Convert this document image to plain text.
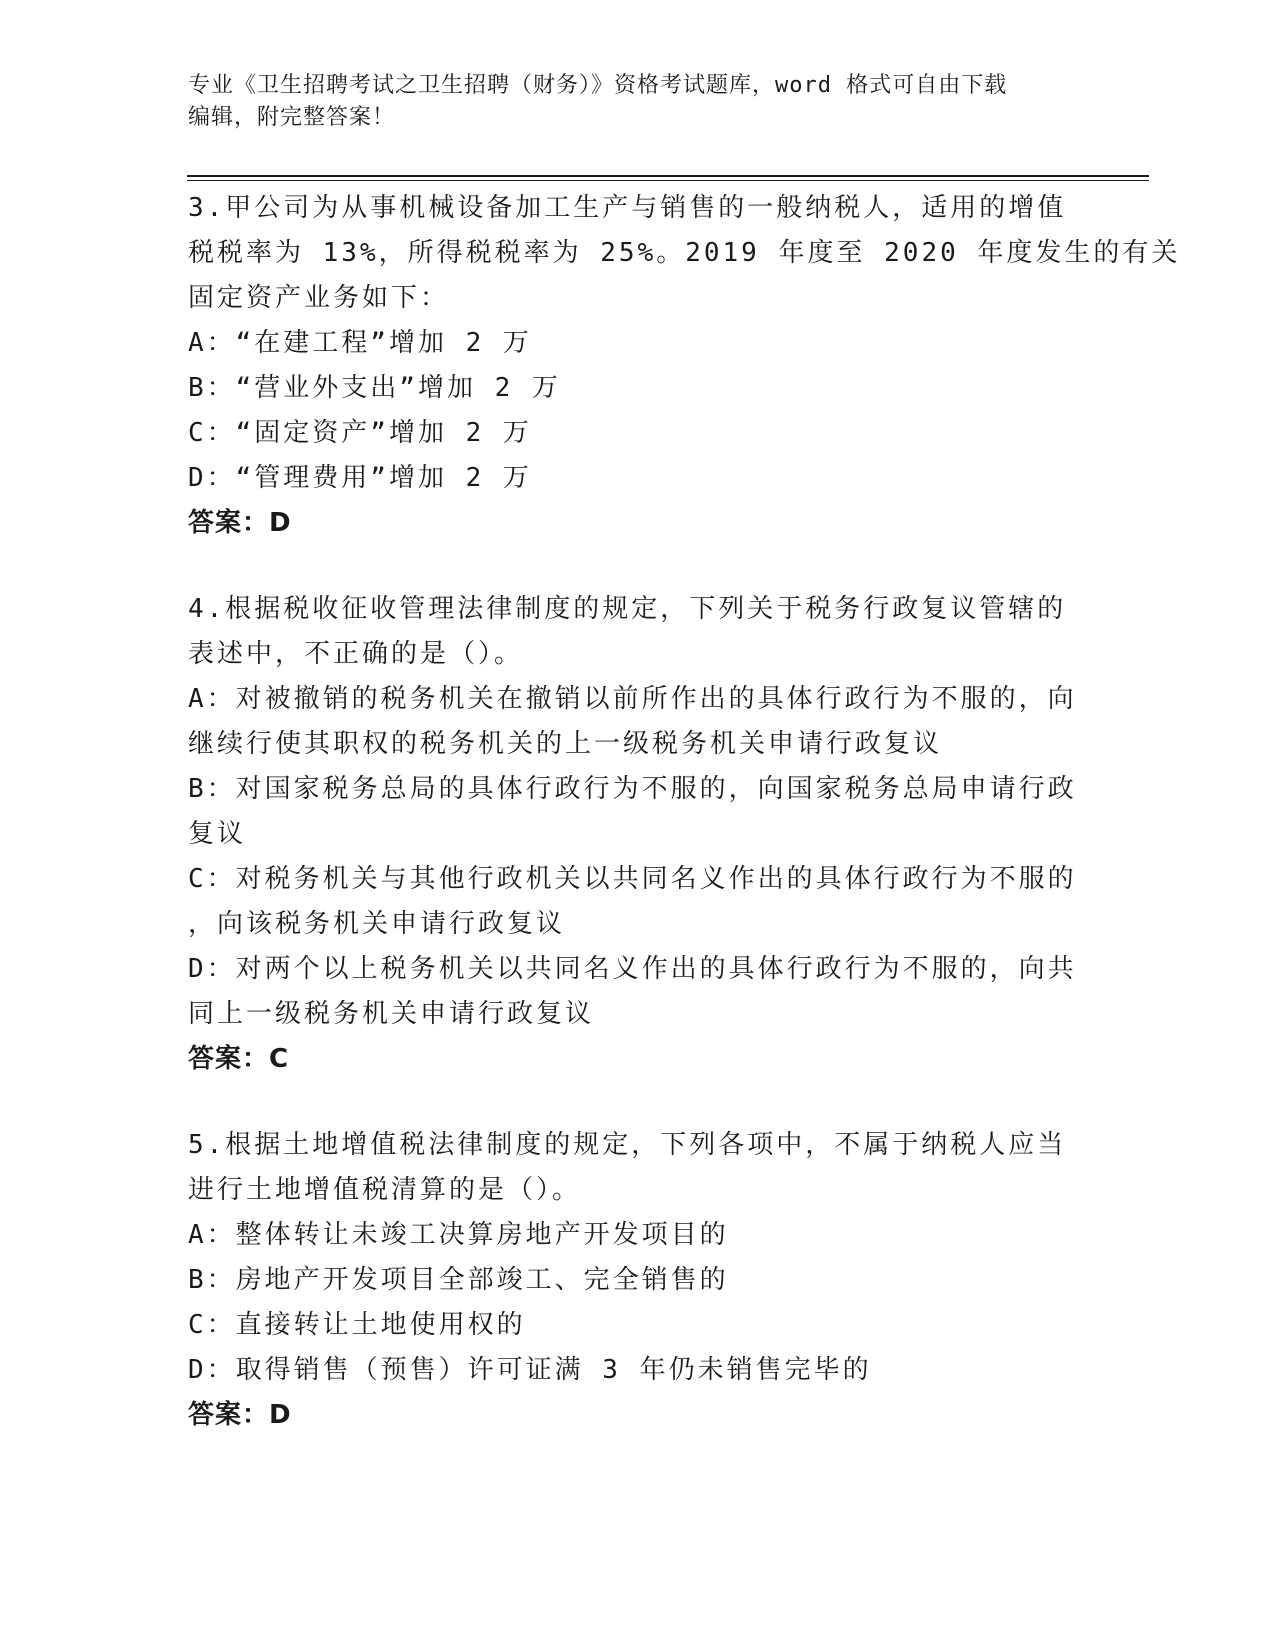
专业《卫生招聘考试之卫生招聘（财务）》资格考试题库，word 格式可自由下载
编辑，附完整答案！
3.甲公司为从事机械设备加工生产与销售的一般纳税人，适用的增值
税税率为 13%，所得税税率为 25%。2019 年度至 2020 年度发生的有关
固定资产业务如下：
A：“在建工程”增加 2 万
B：“营业外支出”增加 2 万
C：“固定资产”增加 2 万
D：“管理费用”增加 2 万
答案：D
4.根据税收征收管理法律制度的规定，下列关于税务行政复议管辖的
表述中，不正确的是（）。
A：对被撤销的税务机关在撤销以前所作出的具体行政行为不服的，向
继续行使其职权的税务机关的上一级税务机关申请行政复议
B：对国家税务总局的具体行政行为不服的，向国家税务总局申请行政
复议
C：对税务机关与其他行政机关以共同名义作出的具体行政行为不服的
，向该税务机关申请行政复议
D：对两个以上税务机关以共同名义作出的具体行政行为不服的，向共
同上一级税务机关申请行政复议
答案：C
5.根据土地增值税法律制度的规定，下列各项中，不属于纳税人应当
进行土地增值税清算的是（）。
A：整体转让未竣工决算房地产开发项目的
B：房地产开发项目全部竣工、完全销售的
C：直接转让土地使用权的
D：取得销售（预售）许可证满 3 年仍未销售完毕的
答案：D
